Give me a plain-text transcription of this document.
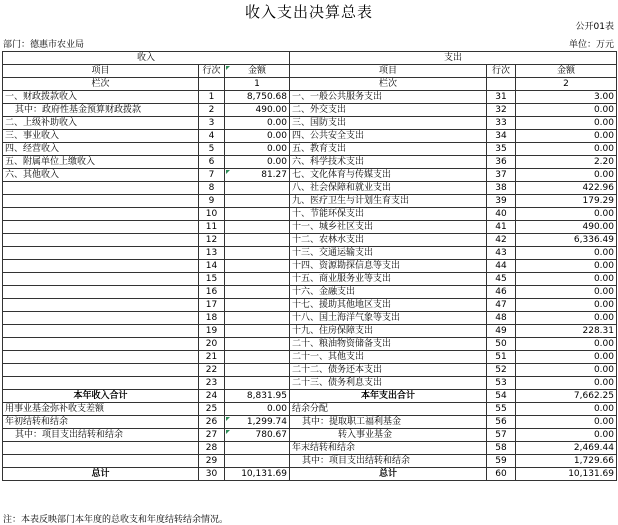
收入支出决算总表
公开01表
部门：德惠市农业局	单位：万元
收入			支出		
项目	行次	金额	项目	行次	金额
栏次		1	栏次		2
一、财政拨款收入	1	8,750.68	一、一般公共服务支出	31	3.00
其中：政府性基金预算财政拨款	2	490.00	二、外交支出	32	0.00
二、上级补助收入	3	0.00	三、国防支出	33	0.00
三、事业收入	4	0.00	四、公共安全支出	34	0.00
四、经营收入	5	0.00	五、教育支出	35	0.00
五、附属单位上缴收入	6	0.00	六、科学技术支出	36	2.20
六、其他收入	7	81.27	七、文化体育与传媒支出	37	0.00
	8		八、社会保障和就业支出	38	422.96
	9		九、医疗卫生与计划生育支出	39	179.29
	10		十、节能环保支出	40	0.00
	11		十一、城乡社区支出	41	490.00
	12		十二、农林水支出	42	6,336.49
	13		十三、交通运输支出	43	0.00
	14		十四、资源勘探信息等支出	44	0.00
	15		十五、商业服务业等支出	45	0.00
	16		十六、金融支出	46	0.00
	17		十七、援助其他地区支出	47	0.00
	18		十八、国土海洋气象等支出	48	0.00
	19		十九、住房保障支出	49	228.31
	20		二十、粮油物资储备支出	50	0.00
	21		二十一、其他支出	51	0.00
	22		二十二、债务还本支出	52	0.00
	23		二十三、债务利息支出	53	0.00
本年收入合计	24	8,831.95	本年支出合计	54	7,662.25
用事业基金弥补收支差额	25	0.00	结余分配	55	0.00
年初结转和结余	26	1,299.74	其中：提取职工福利基金	56	0.00
其中：项目支出结转和结余	27	780.67	转入事业基金	57	0.00
	28		年末结转和结余	58	2,469.44
	29		其中：项目支出结转和结余	59	1,729.66
总计	30	10,131.69	总计	60	10,131.69
注：本表反映部门本年度的总收支和年度结转结余情况。
